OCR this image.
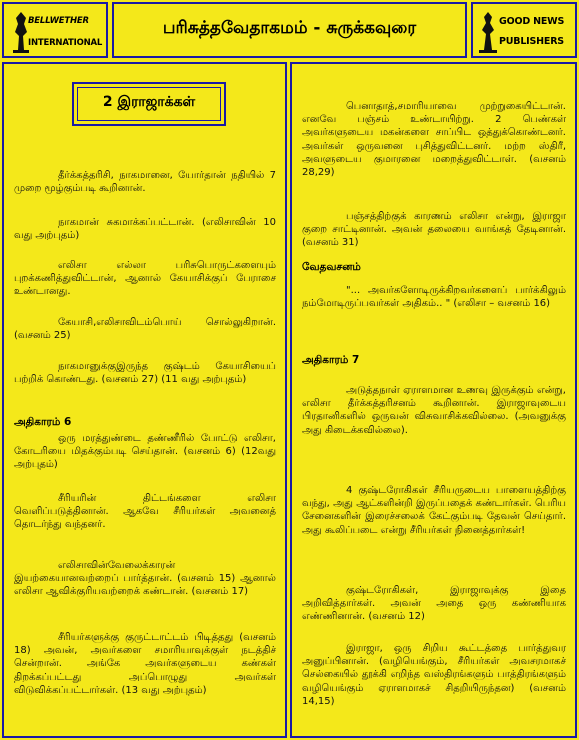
BELLWETHER
INTERNATIONAL
பரிசுத்தவேதாகமம் - சுருக்கவுரை	GOOD NEWS
PUBLISHERS
2 இராஜாக்கள்
தீர்க்கத்தரிசி, நாகமானை, யோர்தான் நதியில் 7 முறை மூழ்கும்படி கூறினான்.
நாகமான் சுகமாக்கப்பட்டான். (எலிசாவின் 10 வது அற்புதம்)
எலிசா எல்லா பரிசுபொருட்களையும் புறக்கணித்துவிட்டான், ஆனால் கேயாசிக்குப் பேராசை உண்டானது.
கேயாசி,எலிசாவிடம்பொய் சொல்லுகிறான். (வசனம் 25)
நாகமானுக்குஇருந்த குஷ்டம் கேயாசியைப் பற்றிக் கொண்டது. (வசனம் 27) (11 வது அற்புதம்)
அதிகாரம் 6
ஒரு மரத்துண்டை தண்ணீரில் போட்டு எலிசா, கோடரியை மிதக்கும்படி செய்தான். (வசனம் 6) (12வது அற்புதம்)
சீரியரின் திட்டங்களை எலிசா வெளிப்படுத்தினான். ஆகவே சீரியர்கள் அவனைத் தொடர்ந்து வந்தனர்.
எலிசாவின்வேலைக்காரன் இயற்கையானவற்றைப் பார்த்தான். (வசனம் 15) ஆனால் எலிசா ஆவிக்குரியவற்றைக் கண்டான். (வசனம் 17)
சீரியர்களுக்கு குருட்டாட்டம் பிடித்தது (வசனம் 18) அவன், அவர்களை சமாரியாவுக்குள் நடத்திச் சென்றான். அங்கே அவர்களுடைய கண்கள் திறக்கப்பட்டது அப்பொழுது அவர்கள் விடுவிக்கப்பட்டார்கள். (13 வது அற்புதம்)
பெனாதாத்,சமாரியாவை முற்றுகையிட்டான். எனவே பஞ்சம் உண்டாயிற்று. 2 பெண்கள் அவர்களுடைய மகன்களை சாப்பிட ஒத்துக்கொண்டனர். அவர்கள் ஒருவனை புசித்துவிட்டனர். மற்ற ஸ்திரீ, அவளுடைய குமாரனை மறைத்துவிட்டாள். (வசனம் 28,29)
பஞ்சத்திற்குக் காரணம் எலிசா என்று, இராஜா குறை சாட்டினான். அவன் தலையை வாங்கத் தேடினான். (வசனம் 31)
வேதவசனம்
"... அவர்களோடிருக்கிறவர்களைப் பார்க்கிலும் நம்மோடிருப்பவர்கள் அதிகம்.. " (எலிசா – வசனம் 16)
அதிகாரம் 7
அடுத்தநாள் ஏராளமான உணவு இருக்கும் என்று, எலிசா தீர்க்கத்தரிசனம் கூறினான். இராஜாவுடைய பிரதானிகளில் ஒருவன் விசுவாசிக்கவில்லை. (அவனுக்கு அது கிடைக்கவில்லை).
4 குஷ்டரோகிகள் சீரியருடைய பாளையத்திற்கு வந்து, அது ஆட்களின்றி இருப்பதைக் கண்டார்கள். பெரிய சேனைகளின் இரைச்சலைக் கேட்கும்படி தேவன் செய்தார். அது கூலிப்படை என்று சீரியர்கள் நினைத்தார்கள்!
குஷ்டரோகிகள், இராஜாவுக்கு இதை அறிவித்தார்கள். அவன் அதை ஒரு கண்ணியாக எண்ணினான். (வசனம் 12)
இராஜா, ஒரு சிறிய கூட்டத்தை பார்த்துவர அனுப்பினான். (வழியெங்கும், சீரியர்கள் அவசரமாகச் செல்கையில் தூக்கி எறிந்த வஸ்திரங்களும் பாத்திரங்களும் வழியெங்கும் ஏராளமாகச் சிதறியிருந்தன) (வசனம் 14,15)
